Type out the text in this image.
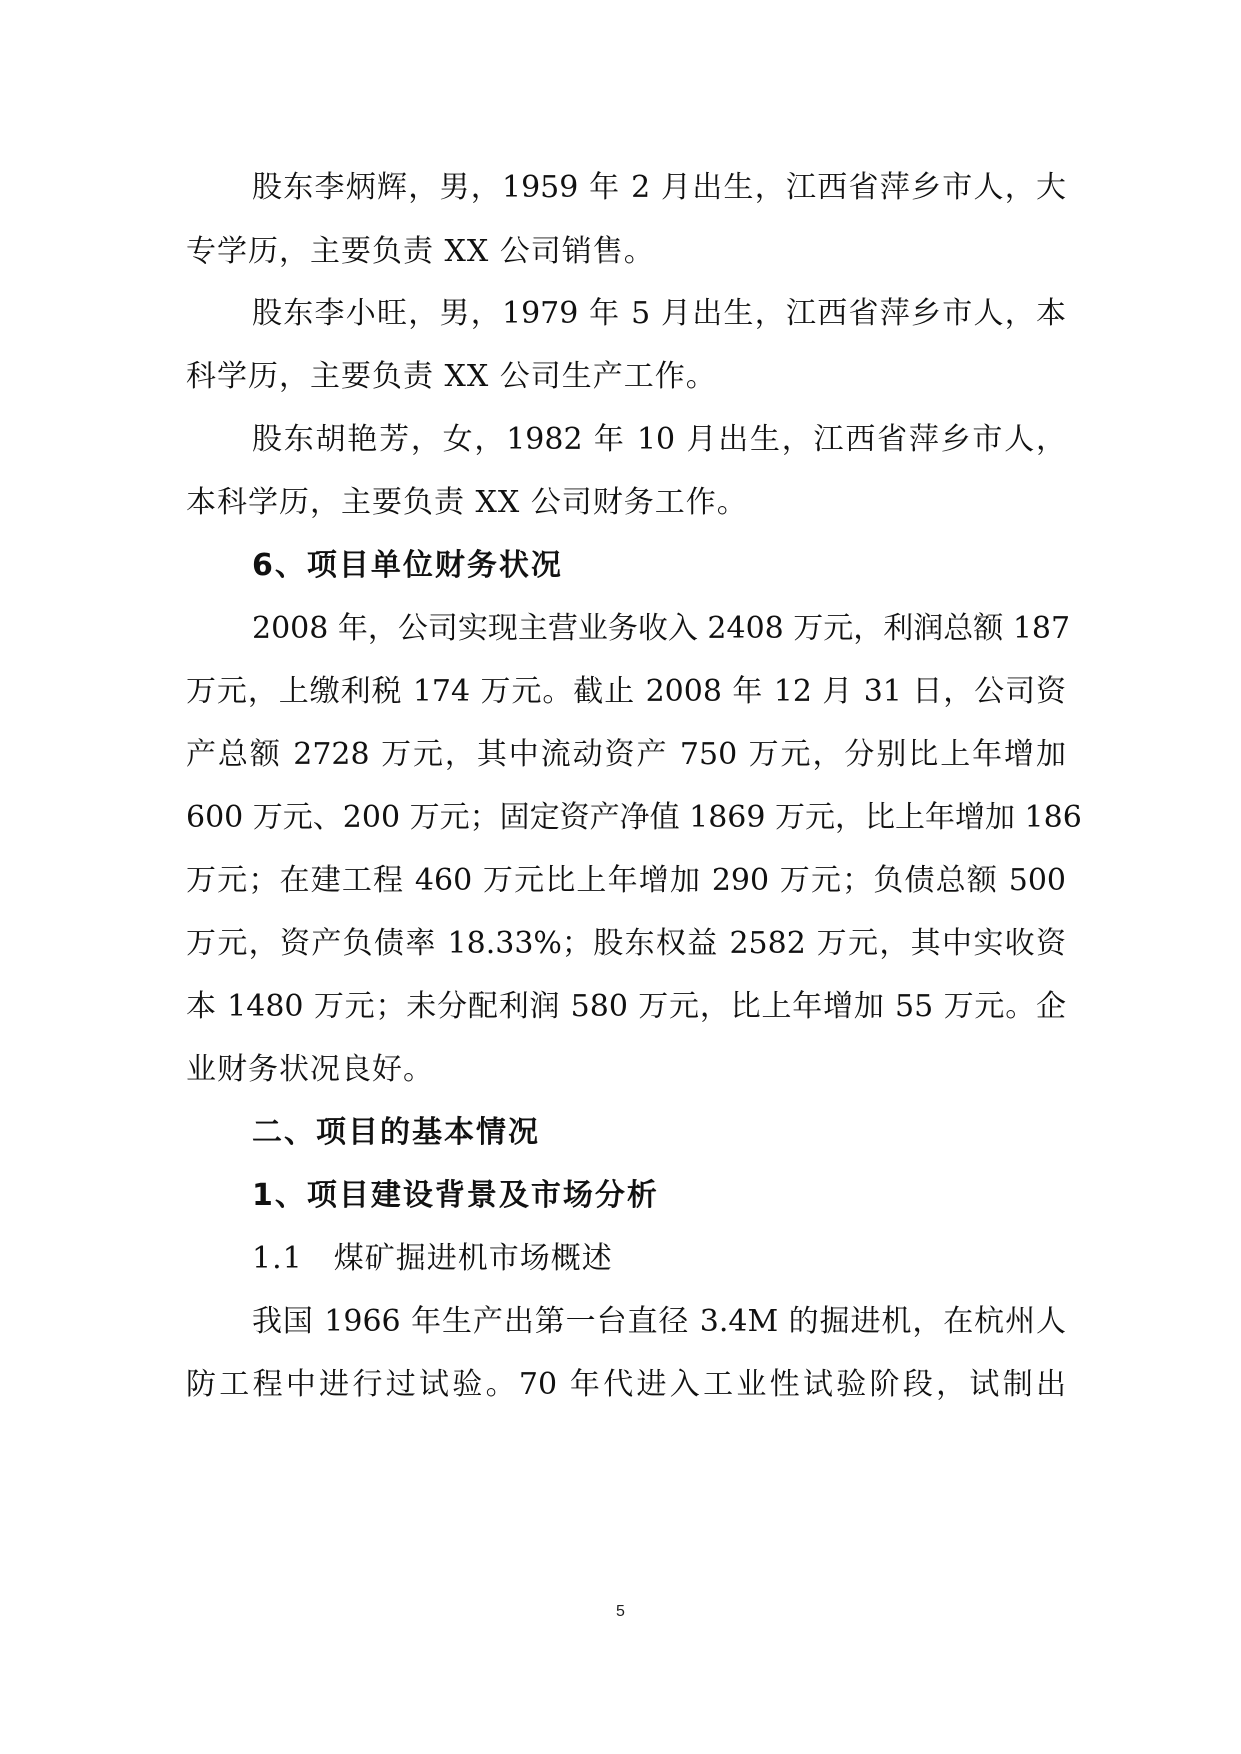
股东李炳辉，男，1959 年 2 月出生，江西省萍乡市人，大
专学历，主要负责 XX 公司销售。
股东李小旺，男，1979 年 5 月出生，江西省萍乡市人，本
科学历，主要负责 XX 公司生产工作。
股东胡艳芳，女，1982 年 10 月出生，江西省萍乡市人，
本科学历，主要负责 XX 公司财务工作。
6、项目单位财务状况
2008 年，公司实现主营业务收入 2408 万元，利润总额 187
万元，上缴利税 174 万元。截止 2008 年 12 月 31 日，公司资
产总额 2728 万元，其中流动资产 750 万元，分别比上年增加
600 万元、200 万元；固定资产净值 1869 万元，比上年增加 186
万元；在建工程 460 万元比上年增加 290 万元；负债总额 500
万元，资产负债率 18.33%；股东权益 2582 万元，其中实收资
本 1480 万元；未分配利润 580 万元，比上年增加 55 万元。企
业财务状况良好。
二、项目的基本情况
1、项目建设背景及市场分析
1.1　煤矿掘进机市场概述
我国 1966 年生产出第一台直径 3.4M 的掘进机，在杭州人
防工程中进行过试验。70 年代进入工业性试验阶段，试制出
5
